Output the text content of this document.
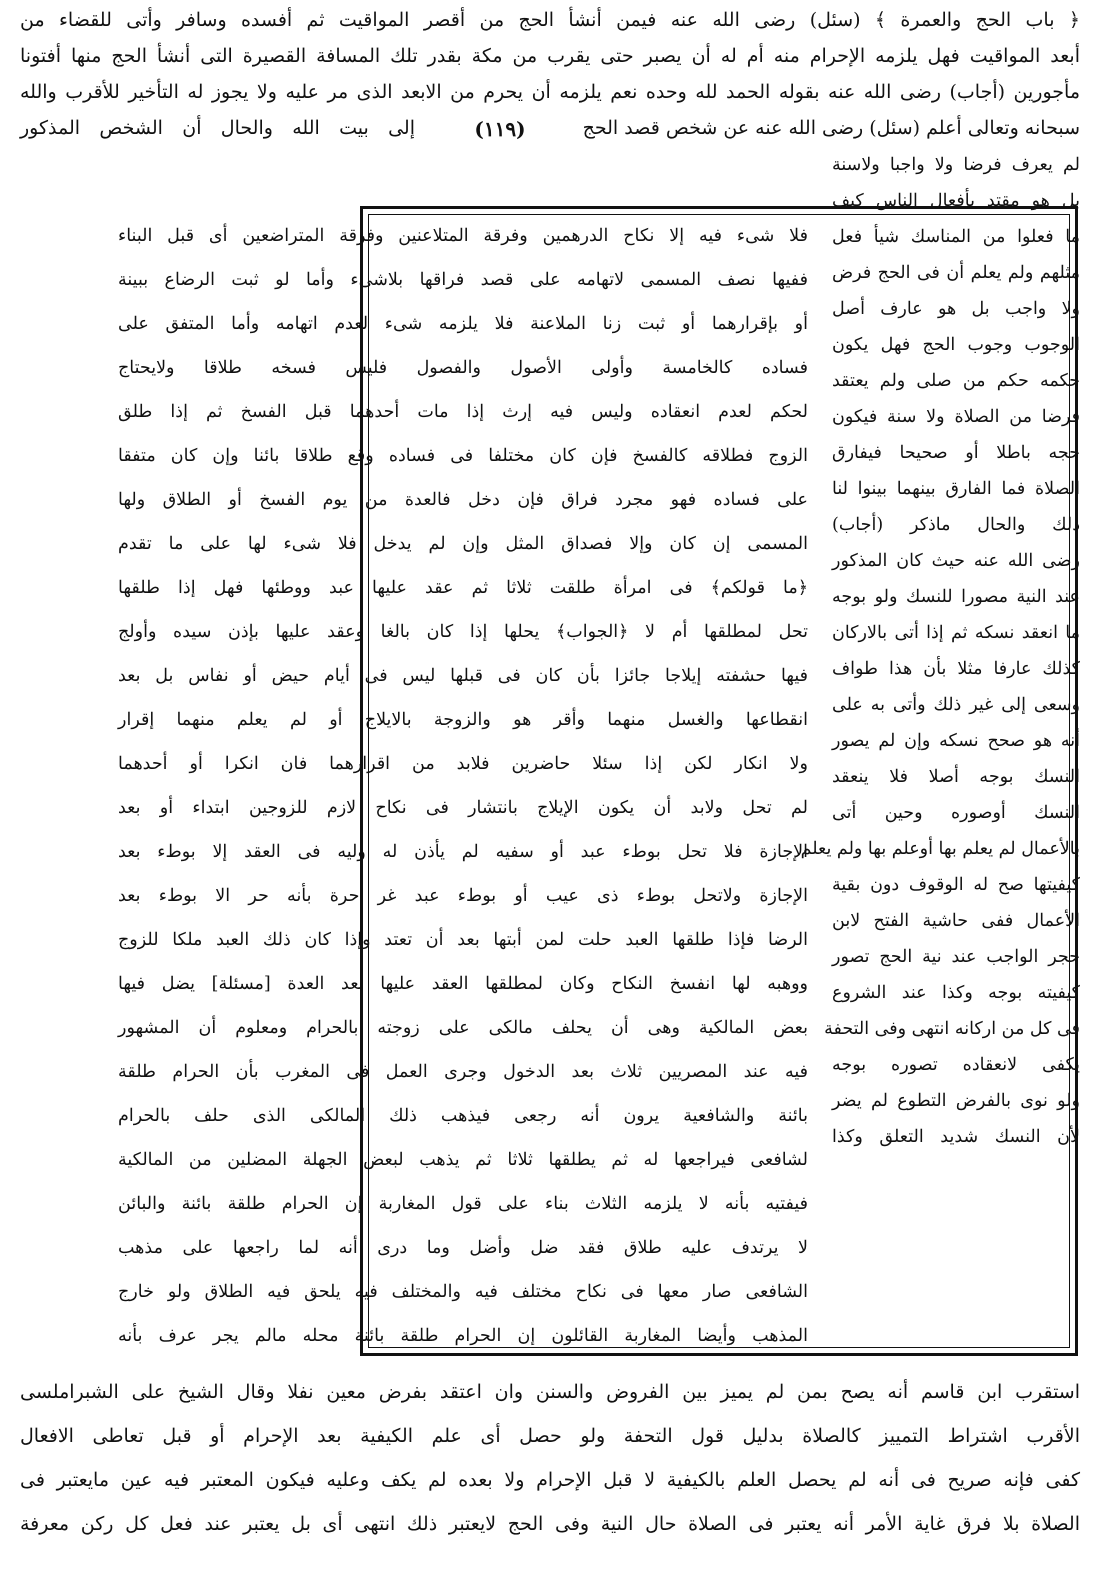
﴿ باب الحج والعمرة ﴾ (سئل) رضى الله عنه فيمن أنشأ الحج من أقصر المواقيت ثم أفسده وسافر وأتى للقضاء من
أبعد المواقيت فهل يلزمه الإحرام منه أم له أن يصبر حتى يقرب من مكة بقدر تلك المسافة القصيرة التى أنشأ الحج منها أفتونا
مأجورين (أجاب) رضى الله عنه بقوله الحمد لله وحده نعم يلزمه أن يحرم من الابعد الذى مر عليه ولا يجوز له التأخير للأقرب والله
سبحانه وتعالى أعلم (سئل) رضى الله عنه عن شخص قصد الحج
(١١٩)
إلى بيت الله والحال أن الشخص المذكور
لم يعرف فرضا ولا واجبا ولاسنة
بل هو مقتد بأفعال الناس كيف
ما فعلوا من المناسك شيأ فعل
مثلهم ولم يعلم أن فى الحج فرض
ولا واجب بل هو عارف أصل
الوجوب وجوب الحج فهل يكون
حكمه حكم من صلى ولم يعتقد
فرضا من الصلاة ولا سنة فيكون
حجه باطلا أو صحيحا فيفارق
الصلاة فما الفارق بينهما بينوا لنا
ذلك والحال ماذكر (أجاب)
رضى الله عنه حيث كان المذكور
عند النية مصورا للنسك ولو بوجه
ما انعقد نسكه ثم إذا أتى بالاركان
كذلك عارفا مثلا بأن هذا طواف
وسعى إلى غير ذلك وأتى به على
أنه هو صحح نسكه وإن لم يصور
النسك بوجه أصلا فلا ينعقد
النسك أوصوره وحين أتى
بالأعمال لم يعلم بها أوعلم بها ولم يعلم
كيفيتها صح له الوقوف دون بقية
الأعمال ففى حاشية الفتح لابن
حجر الواجب عند نية الحج تصور
كيفيته بوجه وكذا عند الشروع
فى كل من اركانه انتهى وفى التحفة
يكفى لانعقاده تصوره بوجه
ولو نوى بالفرض التطوع لم يضر
لأن النسك شديد التعلق وكذا
فلا شىء فيه إلا نكاح الدرهمين وفرقة المتلاعنين وفرقة المتراضعين أى قبل البناء
ففيها نصف المسمى لاتهامه على قصد فراقها بلاشىء وأما لو ثبت الرضاع ببينة
أو بإقرارهما أو ثبت زنا الملاعنة فلا يلزمه شىء لعدم اتهامه وأما المتفق على
فساده كالخامسة وأولى الأصول والفصول فليس فسخه طلاقا ولايحتاج
لحكم لعدم انعقاده وليس فيه إرث إذا مات أحدهما قبل الفسخ ثم إذا طلق
الزوج فطلاقه كالفسخ فإن كان مختلفا فى فساده وقع طلاقا بائنا وإن كان متفقا
على فساده فهو مجرد فراق فإن دخل فالعدة من يوم الفسخ أو الطلاق ولها
المسمى إن كان وإلا فصداق المثل وإن لم يدخل فلا شىء لها على ما تقدم
﴿ما قولكم﴾ فى امرأة طلقت ثلاثا ثم عقد عليها عبد ووطئها فهل إذا طلقها
تحل لمطلقها أم لا ﴿الجواب﴾ يحلها إذا كان بالغا وعقد عليها بإذن سيده وأولج
فيها حشفته إيلاجا جائزا بأن كان فى قبلها ليس فى أيام حيض أو نفاس بل بعد
انقطاعها والغسل منهما وأقر هو والزوجة بالايلاج أو لم يعلم منهما إقرار
ولا انكار لكن إذا سئلا حاضرين فلابد من اقرارهما فان انكرا أو أحدهما
لم تحل ولابد أن يكون الإيلاج بانتشار فى نكاح لازم للزوجين ابتداء أو بعد
الإجازة فلا تحل بوطء عبد أو سفيه لم يأذن له وليه فى العقد إلا بوطء بعد
الإجازة ولاتحل بوطء ذى عيب أو بوطء عبد غر حرة بأنه حر الا بوطء بعد
الرضا فإذا طلقها العبد حلت لمن أبتها بعد أن تعتد وإذا كان ذلك العبد ملكا للزوج
ووهبه لها انفسخ النكاح وكان لمطلقها العقد عليها بعد العدة [مسئلة] يضل فيها
بعض المالكية وهى أن يحلف مالكى على زوجته بالحرام ومعلوم أن المشهور
فيه عند المصريين ثلاث بعد الدخول وجرى العمل فى المغرب بأن الحرام طلقة
بائنة والشافعية يرون أنه رجعى فيذهب ذلك المالكى الذى حلف بالحرام
لشافعى فيراجعها له ثم يطلقها ثلاثا ثم يذهب لبعض الجهلة المضلين من المالكية
فيفتيه بأنه لا يلزمه الثلاث بناء على قول المغاربة إن الحرام طلقة بائنة والبائن
لا يرتدف عليه طلاق فقد ضل وأضل وما درى أنه لما راجعها على مذهب
الشافعى صار معها فى نكاح مختلف فيه والمختلف فيه يلحق فيه الطلاق ولو خارج
المذهب وأيضا المغاربة القائلون إن الحرام طلقة بائنة محله مالم يجر عرف بأنه
استقرب ابن قاسم أنه يصح بمن لم يميز بين الفروض والسنن وان اعتقد بفرض معين نفلا وقال الشيخ على الشبراملسى
الأقرب اشتراط التمييز كالصلاة بدليل قول التحفة ولو حصل أى علم الكيفية بعد الإحرام أو قبل تعاطى الافعال
كفى فإنه صريح فى أنه لم يحصل العلم بالكيفية لا قبل الإحرام ولا بعده لم يكف وعليه فيكون المعتبر فيه عين مايعتبر فى
الصلاة بلا فرق غاية الأمر أنه يعتبر فى الصلاة حال النية وفى الحج لايعتبر ذلك انتهى أى بل يعتبر عند فعل كل ركن معرفة
